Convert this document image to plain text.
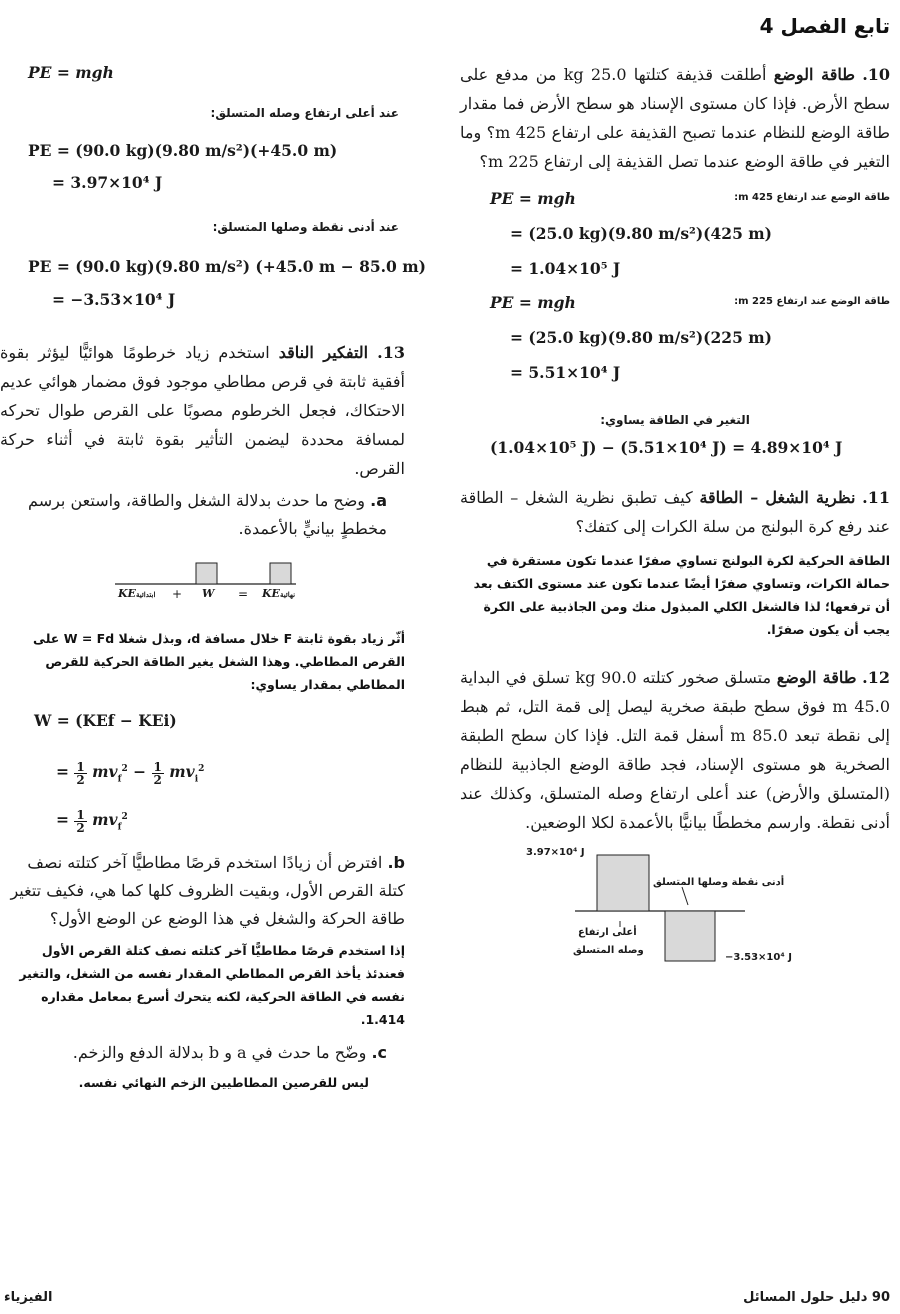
تابع الفصل 4
10. طاقة الوضع أطلقت قذيفة كتلتها 25.0 kg من مدفع على سطح الأرض. فإذا كان مستوى الإسناد هو سطح الأرض فما مقدار طاقة الوضع للنظام عندما تصبح القذيفة على ارتفاع 425 m؟ وما التغير في طاقة الوضع عندما تصل القذيفة إلى ارتفاع 225 m؟
طاقة الوضع عند ارتفاع 425 m:
PE = mgh
= (25.0 kg)(9.80 m/s²)(425 m)
= 1.04×10⁵ J
طاقة الوضع عند ارتفاع 225 m:
PE = mgh
= (25.0 kg)(9.80 m/s²)(225 m)
= 5.51×10⁴ J
التغير في الطاقة يساوي:
(1.04×10⁵ J) − (5.51×10⁴ J) = 4.89×10⁴ J
11. نظرية الشغل – الطاقة كيف تطبق نظرية الشغل – الطاقة عند رفع كرة البولنج من سلة الكرات إلى كتفك؟
الطاقة الحركية لكرة البولنج تساوي صفرًا عندما تكون مستقرة في حمالة الكرات، وتساوي صفرًا أيضًا عندما تكون عند مستوى الكتف بعد أن ترفعها؛ لذا فالشغل الكلي المبذول منك ومن الجاذبية على الكرة يجب أن يكون صفرًا.
12. طاقة الوضع متسلق صخور كتلته 90.0 kg تسلق في البداية 45.0 m فوق سطح طبقة صخرية ليصل إلى قمة التل، ثم هبط إلى نقطة تبعد 85.0 m أسفل قمة التل. فإذا كان سطح الطبقة الصخرية هو مستوى الإسناد، فجد طاقة الوضع الجاذبية للنظام (المتسلق والأرض) عند أعلى ارتفاع وصله المتسلق، وكذلك عند أدنى نقطة. وارسم مخططًا بيانيًّا بالأعمدة لكلا الوضعين.
3.97×10⁴ J
أدنى نقطة وصلها المتسلق
أعلى ارتفاع
وصله المتسلق
−3.53×10⁴ J
PE = mgh
عند أعلى ارتفاع وصله المتسلق:
PE = (90.0 kg)(9.80 m/s²)(+45.0 m)
= 3.97×10⁴ J
عند أدنى نقطة وصلها المتسلق:
PE = (90.0 kg)(9.80 m/s²) (+45.0 m − 85.0 m)
= −3.53×10⁴ J
13. التفكير الناقد استخدم زياد خرطومًا هوائيًّا ليؤثر بقوة أفقية ثابتة في قرص مطاطي موجود فوق مضمار هوائي عديم الاحتكاك، فجعل الخرطوم مصوبًا على القرص طوال تحركه لمسافة محددة ليضمن التأثير بقوة ثابتة في أثناء حركة القرص.
a. وضح ما حدث بدلالة الشغل والطاقة، واستعن برسم مخططٍ بيانيٍّ بالأعمدة.
KEابتدائية + W = KEنهائية
أثّر زياد بقوة ثابتة F خلال مسافة d، وبذل شغلا W = Fd على القرص المطاطي. وهذا الشغل يغير الطاقة الحركية للقرص المطاطي بمقدار يساوي:
W = (KEf − KEi)
= $\frac{1}{2} mv_f^2 - \frac{1}{2} mv_i^2$
= $\frac{1}{2} mv_f^2$
b. افترض أن زيادًا استخدم قرصًا مطاطيًّا آخر كتلته نصف كتلة القرص الأول، وبقيت الظروف كلها كما هي، فكيف تتغير طاقة الحركة والشغل في هذا الوضع عن الوضع الأول؟
إذا استخدم قرصًا مطاطيًّا آخر كتلته نصف كتلة القرص الأول فعندئذ يأخذ القرص المطاطي المقدار نفسه من الشغل، والتغير نفسه في الطاقة الحركية، لكنه يتحرك أسرع بمعامل مقداره 1.414.
c. وضّح ما حدث في a و b بدلالة الدفع والزخم.
ليس للقرصين المطاطيين الزخم النهائي نفسه.
90 دليل حلول المسائل
الفيزياء
